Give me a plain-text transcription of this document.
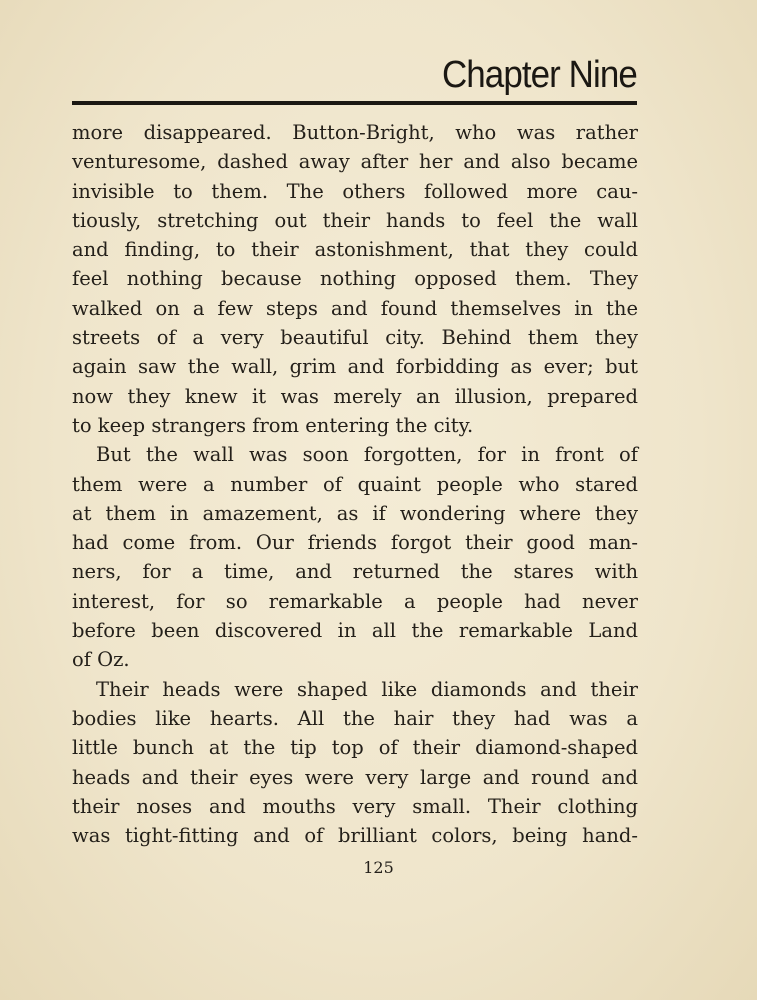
Chapter Nine
more disappeared. Button-Bright, who was rather
venturesome, dashed away after her and also became
invisible to them. The others followed more cau-
tiously, stretching out their hands to feel the wall
and finding, to their astonishment, that they could
feel nothing because nothing opposed them. They
walked on a few steps and found themselves in the
streets of a very beautiful city. Behind them they
again saw the wall, grim and forbidding as ever; but
now they knew it was merely an illusion, prepared
to keep strangers from entering the city.
But the wall was soon forgotten, for in front of
them were a number of quaint people who stared
at them in amazement, as if wondering where they
had come from. Our friends forgot their good man-
ners, for a time, and returned the stares with
interest, for so remarkable a people had never
before been discovered in all the remarkable Land
of Oz.
Their heads were shaped like diamonds and their
bodies like hearts. All the hair they had was a
little bunch at the tip top of their diamond-shaped
heads and their eyes were very large and round and
their noses and mouths very small. Their clothing
was tight-fitting and of brilliant colors, being hand-
125
